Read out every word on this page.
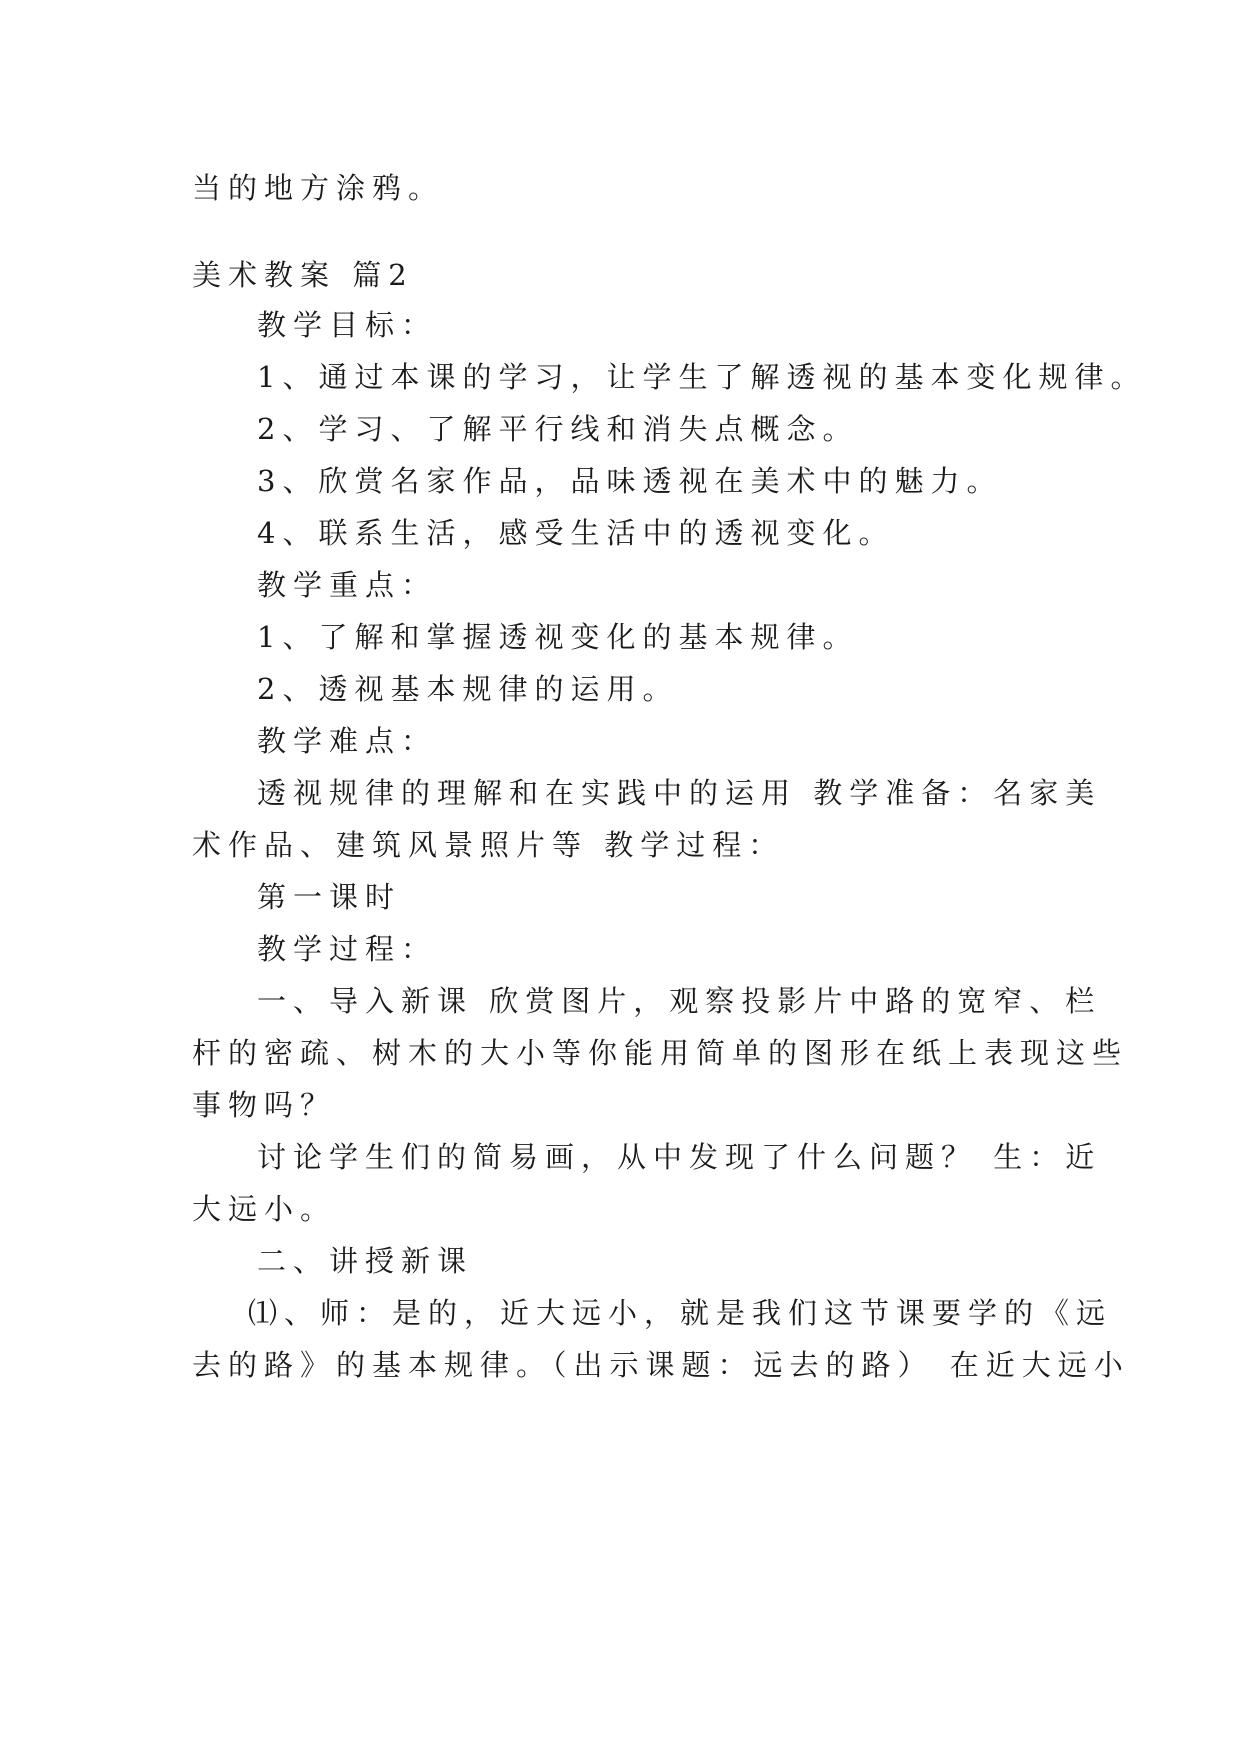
当的地方涂鸦。
美术教案 篇2
教学目标：
1、通过本课的学习，让学生了解透视的基本变化规律。
2、学习、了解平行线和消失点概念。
3、欣赏名家作品，品味透视在美术中的魅力。
4、联系生活，感受生活中的透视变化。
教学重点：
1、了解和掌握透视变化的基本规律。
2、透视基本规律的运用。
教学难点：
透视规律的理解和在实践中的运用 教学准备：名家美
术作品、建筑风景照片等 教学过程：
第一课时
教学过程：
一、导入新课 欣赏图片，观察投影片中路的宽窄、栏
杆的密疏、树木的大小等你能用简单的图形在纸上表现这些
事物吗？
讨论学生们的简易画，从中发现了什么问题？ 生：近
大远小。
二、讲授新课
⑴、师：是的，近大远小，就是我们这节课要学的《远
去的路》的基本规律。（出示课题：远去的路） 在近大远小
